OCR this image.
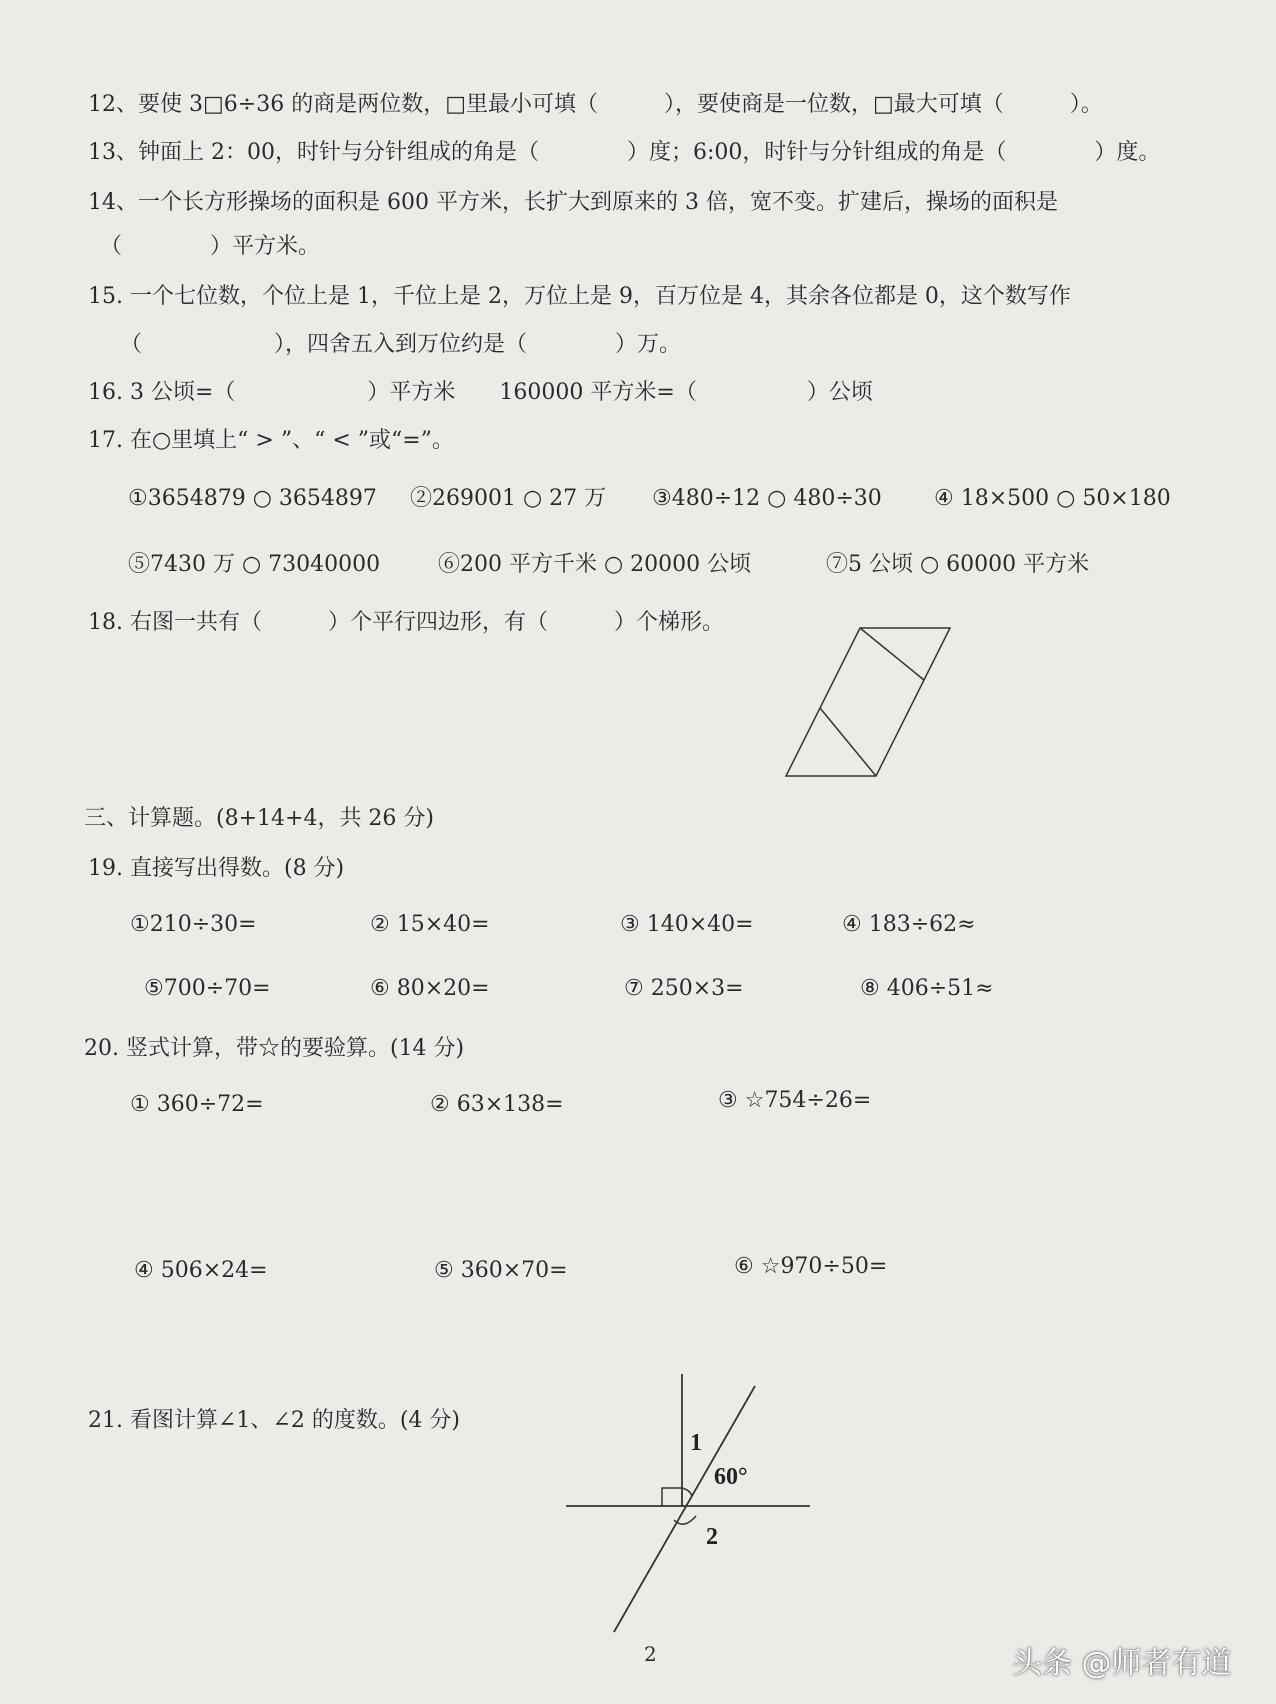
12、要使 3□6÷36 的商是两位数，□里最小可填（　　　），要使商是一位数，□最大可填（　　　）。
13、钟面上 2：00，时针与分针组成的角是（　　　　）度；6:00，时针与分针组成的角是（　　　　）度。
14、一个长方形操场的面积是 600 平方米，长扩大到原来的 3 倍，宽不变。扩建后，操场的面积是
（　　　　）平方米。
15. 一个七位数，个位上是 1，千位上是 2，万位上是 9，百万位是 4，其余各位都是 0，这个数写作
（　　　　　　），四舍五入到万位约是（　　　　）万。
16. 3 公顷=（　　　　　　）平方米　　160000 平方米=（　　　　　）公顷
17. 在○里填上“ > ”、“ < ”或“=”。
①3654879 ○ 3654897 ②269001 ○ 27 万 ③480÷12 ○ 480÷30 ④ 18×500 ○ 50×180
⑤7430 万 ○ 73040000	⑥200 平方千米 ○ 20000 公顷	⑦5 公顷 ○ 60000 平方米
18. 右图一共有（　　　）个平行四边形，有（　　　）个梯形。
三、计算题。(8+14+4，共 26 分)
19. 直接写出得数。(8 分)
①210÷30=	② 15×40=	③ 140×40=	④ 183÷62≈
⑤700÷70=	⑥ 80×20=	⑦ 250×3=	⑧ 406÷51≈
20. 竖式计算，带☆的要验算。(14 分)
① 360÷72=	② 63×138=	③ ☆754÷26=
④ 506×24=	⑤ 360×70=	⑥ ☆970÷50=
21. 看图计算∠1、∠2 的度数。(4 分)
1
60°
2
2	头条 @师者有道
